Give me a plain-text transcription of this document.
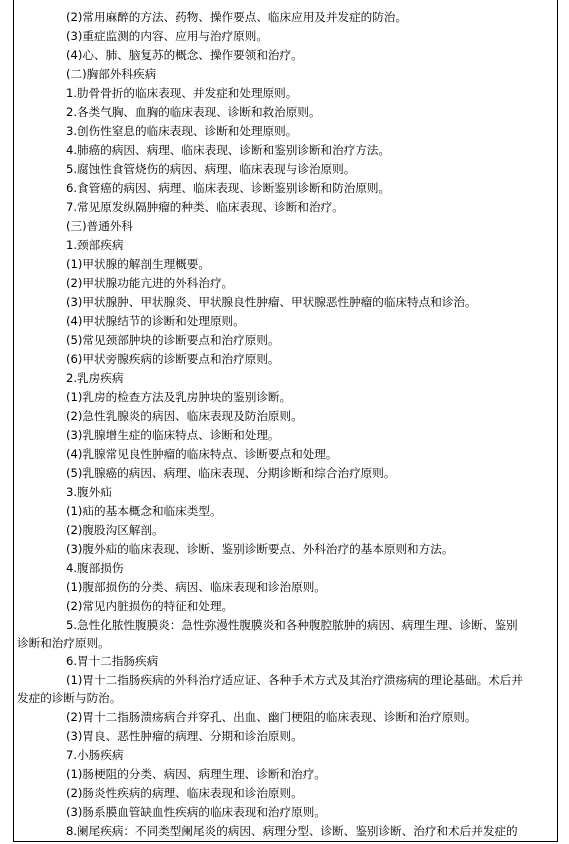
(2)常用麻醉的方法、药物、操作要点、临床应用及并发症的防治。
(3)重症监测的内容、应用与治疗原则。
(4)心、肺、脑复苏的概念、操作要领和治疗。
(二)胸部外科疾病
1.肋骨骨折的临床表现、并发症和处理原则。
2.各类气胸、血胸的临床表现、诊断和救治原则。
3.创伤性窒息的临床表现、诊断和处理原则。
4.肺癌的病因、病理、临床表现、诊断和鉴别诊断和治疗方法。
5.腐蚀性食管烧伤的病因、病理、临床表现与诊治原则。
6.食管癌的病因、病理、临床表现、诊断鉴别诊断和防治原则。
7.常见原发纵隔肿瘤的种类、临床表现、诊断和治疗。
(三)普通外科
1.颈部疾病
(1)甲状腺的解剖生理概要。
(2)甲状腺功能亢进的外科治疗。
(3)甲状腺肿、甲状腺炎、甲状腺良性肿瘤、甲状腺恶性肿瘤的临床特点和诊治。
(4)甲状腺结节的诊断和处理原则。
(5)常见颈部肿块的诊断要点和治疗原则。
(6)甲状旁腺疾病的诊断要点和治疗原则。
2.乳房疾病
(1)乳房的检查方法及乳房肿块的鉴别诊断。
(2)急性乳腺炎的病因、临床表现及防治原则。
(3)乳腺增生症的临床特点、诊断和处理。
(4)乳腺常见良性肿瘤的临床特点、诊断要点和处理。
(5)乳腺癌的病因、病理、临床表现、分期诊断和综合治疗原则。
3.腹外疝
(1)疝的基本概念和临床类型。
(2)腹股沟区解剖。
(3)腹外疝的临床表现、诊断、鉴别诊断要点、外科治疗的基本原则和方法。
4.腹部损伤
(1)腹部损伤的分类、病因、临床表现和诊治原则。
(2)常见内脏损伤的特征和处理。
5.急性化脓性腹膜炎：急性弥漫性腹膜炎和各种腹腔脓肿的病因、病理生理、诊断、鉴别
诊断和治疗原则。
6.胃十二指肠疾病
(1)胃十二指肠疾病的外科治疗适应证、各种手术方式及其治疗溃疡病的理论基础。术后并
发症的诊断与防治。
(2)胃十二指肠溃疡病合并穿孔、出血、幽门梗阻的临床表现、诊断和治疗原则。
(3)胃良、恶性肿瘤的病理、分期和诊治原则。
7.小肠疾病
(1)肠梗阻的分类、病因、病理生理、诊断和治疗。
(2)肠炎性疾病的病理、临床表现和诊治原则。
(3)肠系膜血管缺血性疾病的临床表现和治疗原则。
8.阑尾疾病：不同类型阑尾炎的病因、病理分型、诊断、鉴别诊断、治疗和术后并发症的
